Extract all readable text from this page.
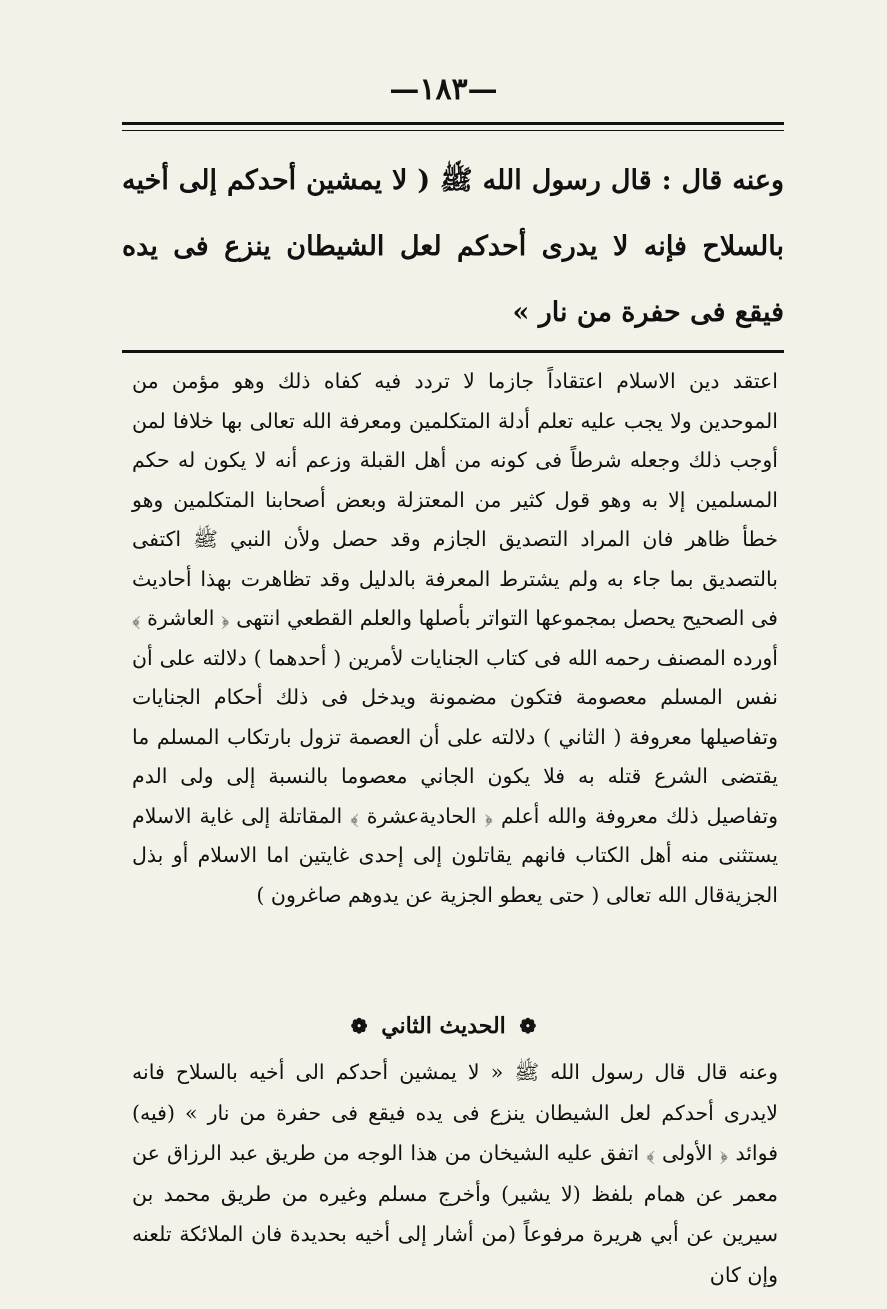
—١٨٣—

وعنه قال : قال رسول الله ﷺ ( لا يمشين أحدكم إلى أخيه بالسلاح فإنه لا يدرى أحدكم لعل الشيطان ينزع فى يده فيقع فى حفرة من نار »

اعتقد دين الاسلام اعتقاداً جازما لا تردد فيه كفاه ذلك وهو مؤمن من الموحدين ولا يجب عليه تعلم أدلة المتكلمين ومعرفة الله تعالى بها خلافا لمن أوجب ذلك وجعله شرطاً فى كونه من أهل القبلة وزعم أنه لا يكون له حكم المسلمين إلا به وهو قول كثير من المعتزلة وبعض أصحابنا المتكلمين وهو خطأ ظاهر فان المراد التصديق الجازم وقد حصل ولأن النبي ﷺ اكتفى بالتصديق بما جاء به ولم يشترط المعرفة بالدليل وقد تظاهرت بهذا أحاديث فى الصحيح يحصل بمجموعها التواتر بأصلها والعلم القطعي انتهى ﴿ العاشرة ﴾ أورده المصنف رحمه الله فى كتاب الجنايات لأمرين ( أحدهما ) دلالته على أن نفس المسلم معصومة فتكون مضمونة ويدخل فى ذلك أحكام الجنايات وتفاصيلها معروفة ( الثاني ) دلالته على أن العصمة تزول بارتكاب المسلم ما يقتضى الشرع قتله به فلا يكون الجاني معصوما بالنسبة إلى ولى الدم وتفاصيل ذلك معروفة والله أعلم ﴿ الحاديةعشرة ﴾ المقاتلة إلى غاية الاسلام يستثنى منه أهل الكتاب فانهم يقاتلون إلى إحدى غايتين اما الاسلام أو بذل الجزيةقال الله تعالى ( حتى يعطو الجزية عن يدوهم صاغرون )

❁ الحديث الثاني ❁

وعنه قال قال رسول الله ﷺ « لا يمشين أحدكم الى أخيه بالسلاح فانه لايدرى أحدكم لعل الشيطان ينزع فى يده فيقع فى حفرة من نار » (فيه) فوائد ﴿ الأولى ﴾ اتفق عليه الشيخان من هذا الوجه من طريق عبد الرزاق عن معمر عن همام بلفظ (لا يشير) وأخرج مسلم وغيره من طريق محمد بن سيرين عن أبي هريرة مرفوعاً (من أشار إلى أخيه بحديدة فان الملائكة تلعنه وإن كان
